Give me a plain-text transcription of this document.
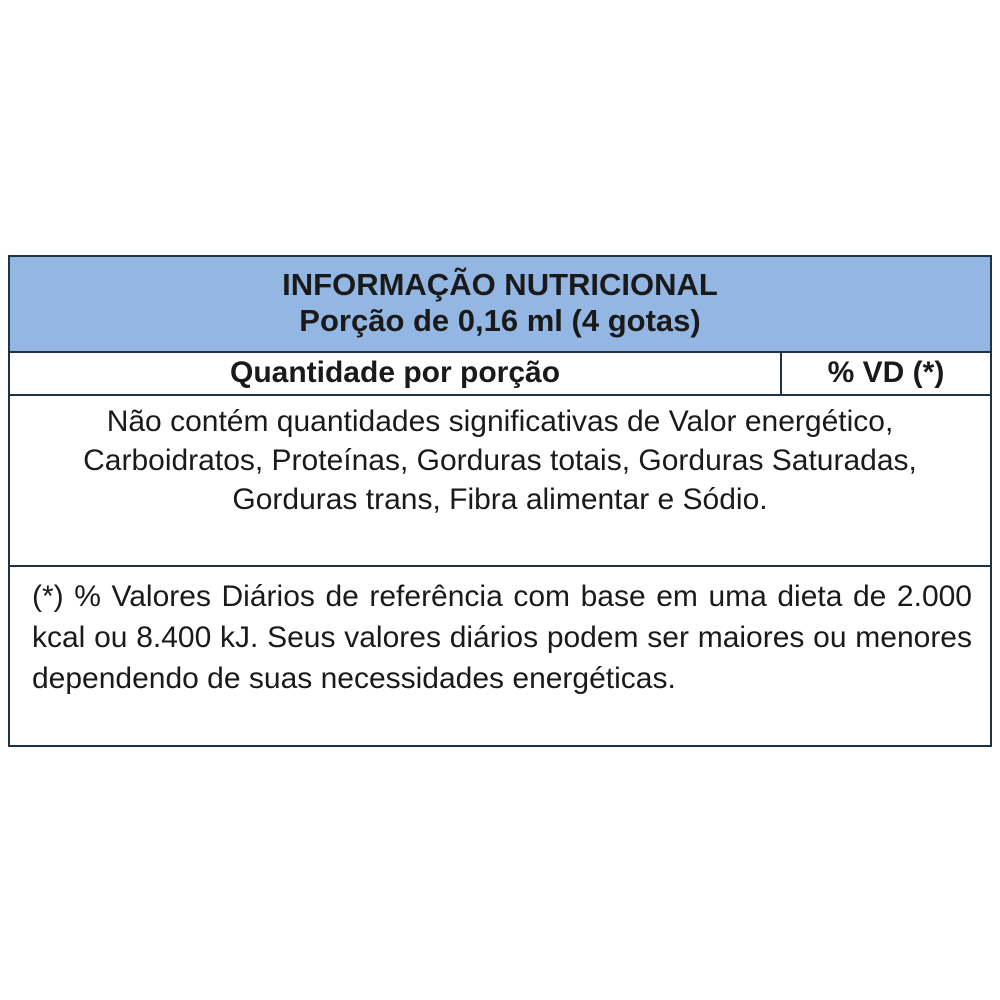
INFORMAÇÃO NUTRICIONAL
Porção de 0,16 ml (4 gotas)
Quantidade por porção	% VD (*)
Não contém quantidades significativas de Valor energético, Carboidratos, Proteínas, Gorduras totais, Gorduras Saturadas, Gorduras trans, Fibra alimentar e Sódio.
(*) % Valores Diários de referência com base em uma dieta de 2.000 kcal ou 8.400 kJ. Seus valores diários podem ser maiores ou menores dependendo de suas necessidades energéticas.
